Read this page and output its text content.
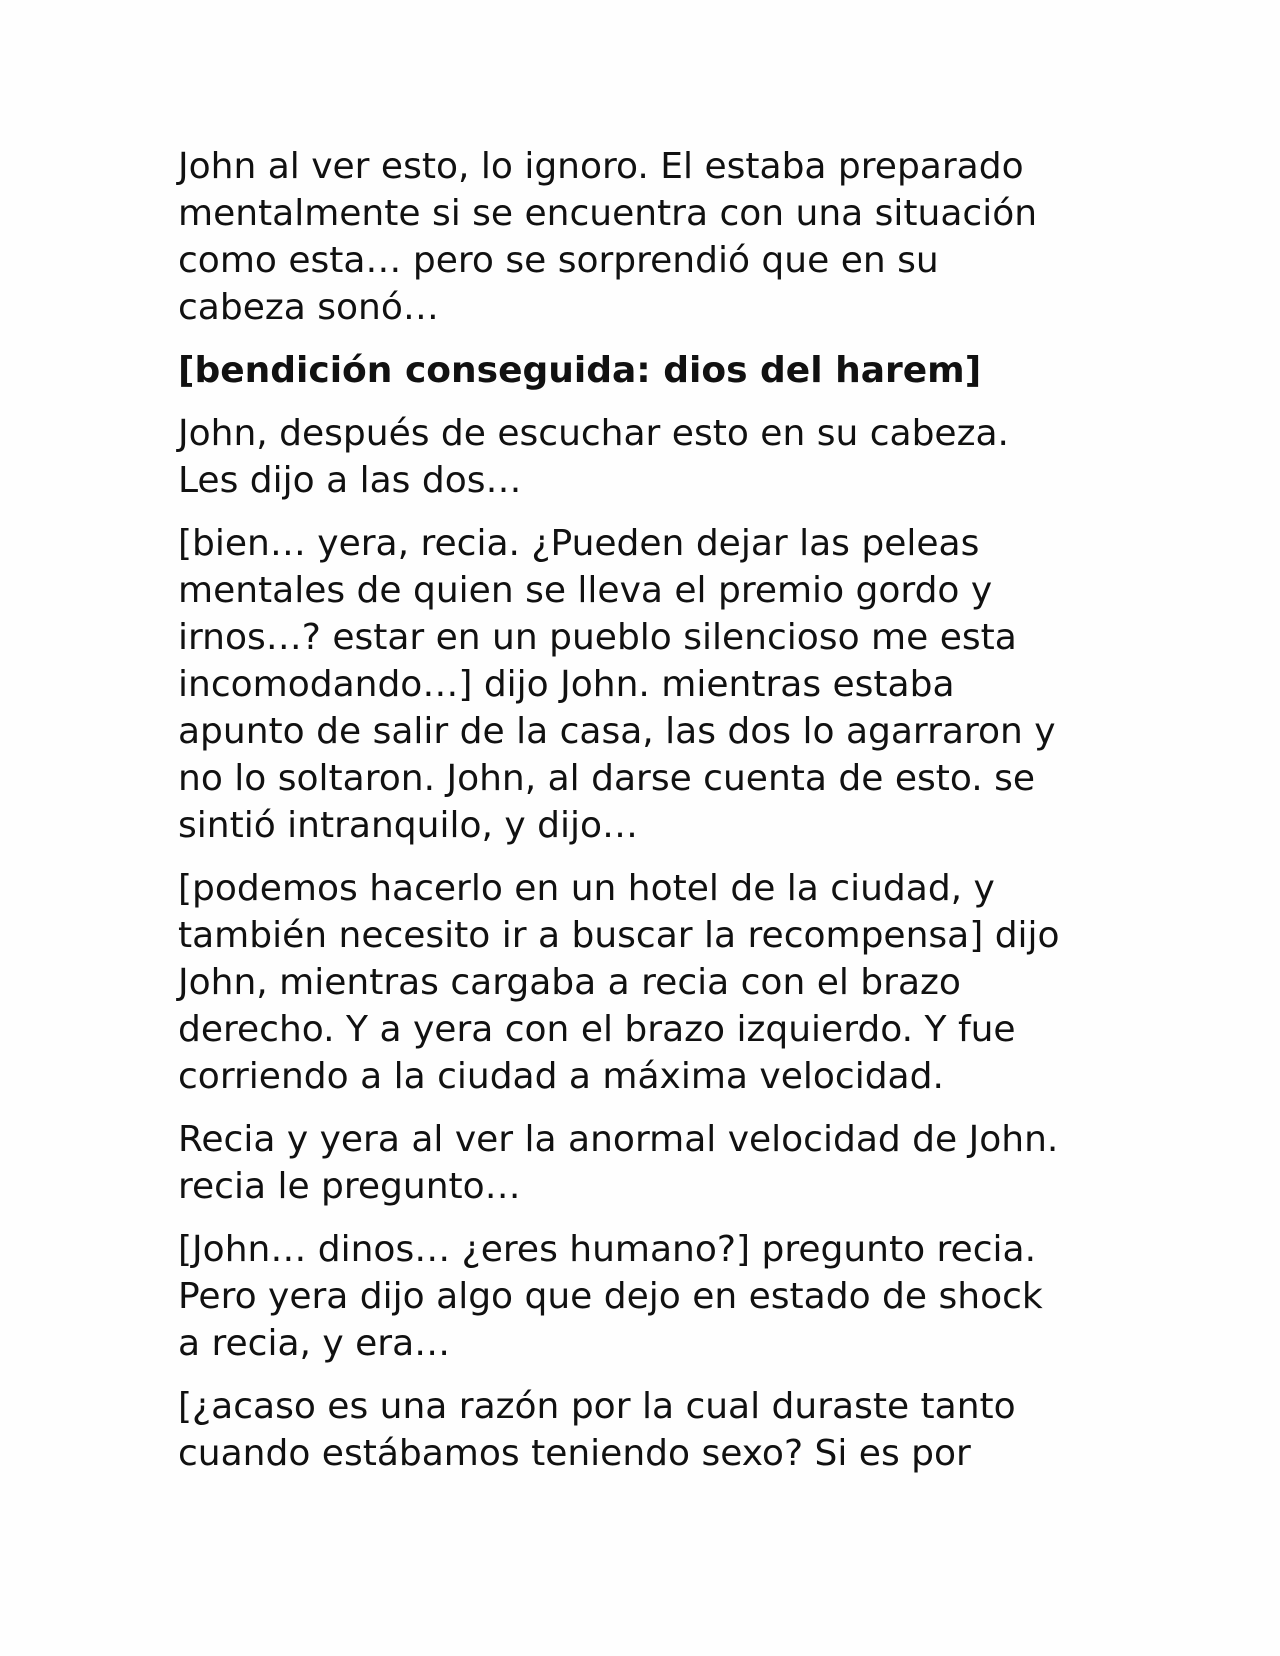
John al ver esto, lo ignoro. El estaba preparado
mentalmente si se encuentra con una situación
como esta… pero se sorprendió que en su
cabeza sonó…

[bendición conseguida: dios del harem]

John, después de escuchar esto en su cabeza.
Les dijo a las dos…

[bien… yera, recia. ¿Pueden dejar las peleas
mentales de quien se lleva el premio gordo y
irnos…? estar en un pueblo silencioso me esta
incomodando…] dijo John. mientras estaba
apunto de salir de la casa, las dos lo agarraron y
no lo soltaron. John, al darse cuenta de esto. se
sintió intranquilo, y dijo…

[podemos hacerlo en un hotel de la ciudad, y
también necesito ir a buscar la recompensa] dijo
John, mientras cargaba a recia con el brazo
derecho. Y a yera con el brazo izquierdo. Y fue
corriendo a la ciudad a máxima velocidad.

Recia y yera al ver la anormal velocidad de John.
recia le pregunto…

[John… dinos… ¿eres humano?] pregunto recia.
Pero yera dijo algo que dejo en estado de shock
a recia, y era…

[¿acaso es una razón por la cual duraste tanto
cuando estábamos teniendo sexo? Si es por
